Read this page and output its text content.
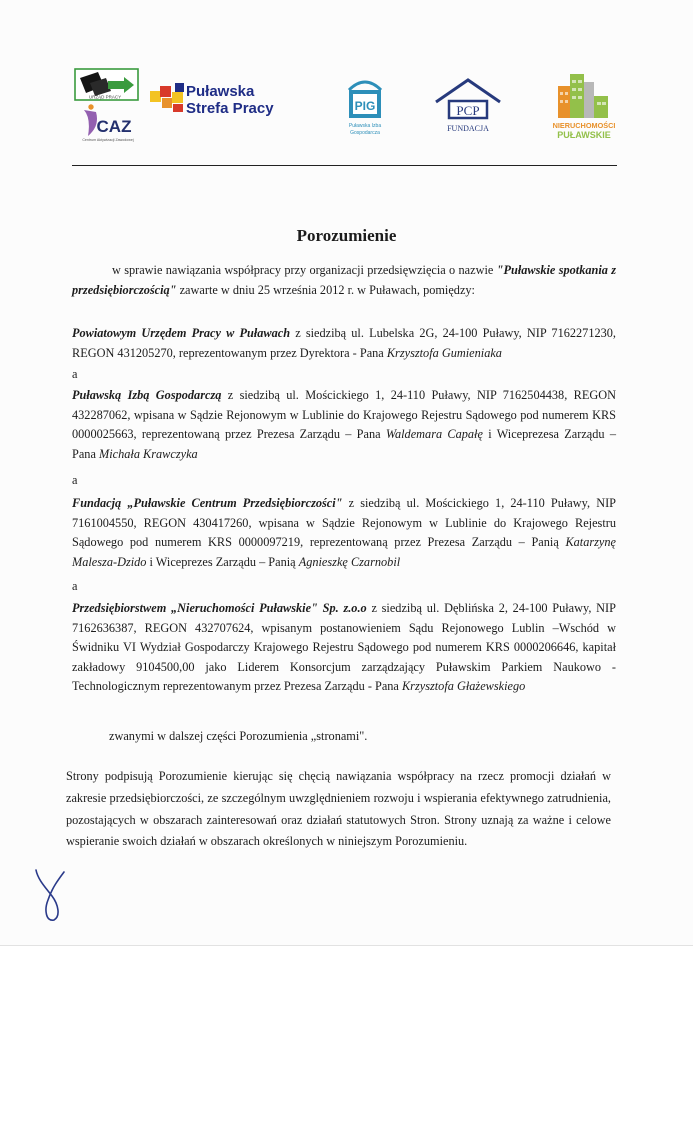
URZĄD PRACY
CAZ
Centrum Aktywizacji Zawodowej
Puławska
Strefa Pracy	PIG
Puławska Izba
Gospodarcza
PCP
FUNDACJA	NIERUCHOMOŚCI
PUŁAWSKIE
Porozumienie
w sprawie nawiązania współpracy przy organizacji przedsięwzięcia o nazwie "Puławskie spotkania z przedsiębiorczością" zawarte w dniu 25 września 2012 r. w Puławach, pomiędzy:
Powiatowym Urzędem Pracy w Puławach z siedzibą ul. Lubelska 2G, 24-100 Puławy, NIP 7162271230, REGON 431205270, reprezentowanym przez Dyrektora - Pana Krzysztofa Gumieniaka
a
Puławską Izbą Gospodarczą z siedzibą ul. Mościckiego 1, 24-110 Puławy, NIP 7162504438, REGON 432287062, wpisana w Sądzie Rejonowym w Lublinie do Krajowego Rejestru Sądowego pod numerem KRS 0000025663, reprezentowaną przez Prezesa Zarządu – Pana Waldemara Capałę i Wiceprezesa Zarządu – Pana Michała Krawczyka
a
Fundacją „Puławskie Centrum Przedsiębiorczości" z siedzibą ul. Mościckiego 1, 24-110 Puławy, NIP 7161004550, REGON 430417260, wpisana w Sądzie Rejonowym w Lublinie do Krajowego Rejestru Sądowego pod numerem KRS 0000097219, reprezentowaną przez Prezesa Zarządu – Panią Katarzynę Malesza-Dzido i Wiceprezes Zarządu – Panią Agnieszkę Czarnobil
a
Przedsiębiorstwem „Nieruchomości Puławskie" Sp. z.o.o z siedzibą ul. Dęblińska 2, 24-100 Puławy, NIP 7162636387, REGON 432707624, wpisanym postanowieniem Sądu Rejonowego Lublin –Wschód w Świdniku VI Wydział Gospodarczy Krajowego Rejestru Sądowego pod numerem KRS 0000206646, kapitał zakładowy 9104500,00 jako Liderem Konsorcjum zarządzający Puławskim Parkiem Naukowo - Technologicznym reprezentowanym przez Prezesa Zarządu - Pana Krzysztofa Głażewskiego
zwanymi w dalszej części Porozumienia „stronami".
Strony podpisują Porozumienie kierując się chęcią nawiązania współpracy na rzecz promocji działań w zakresie przedsiębiorczości, ze szczególnym uwzględnieniem rozwoju i wspierania efektywnego zatrudnienia, pozostających w obszarach zainteresowań oraz działań statutowych Stron. Strony uznają za ważne i celowe wspieranie swoich działań w obszarach określonych w niniejszym Porozumieniu.
